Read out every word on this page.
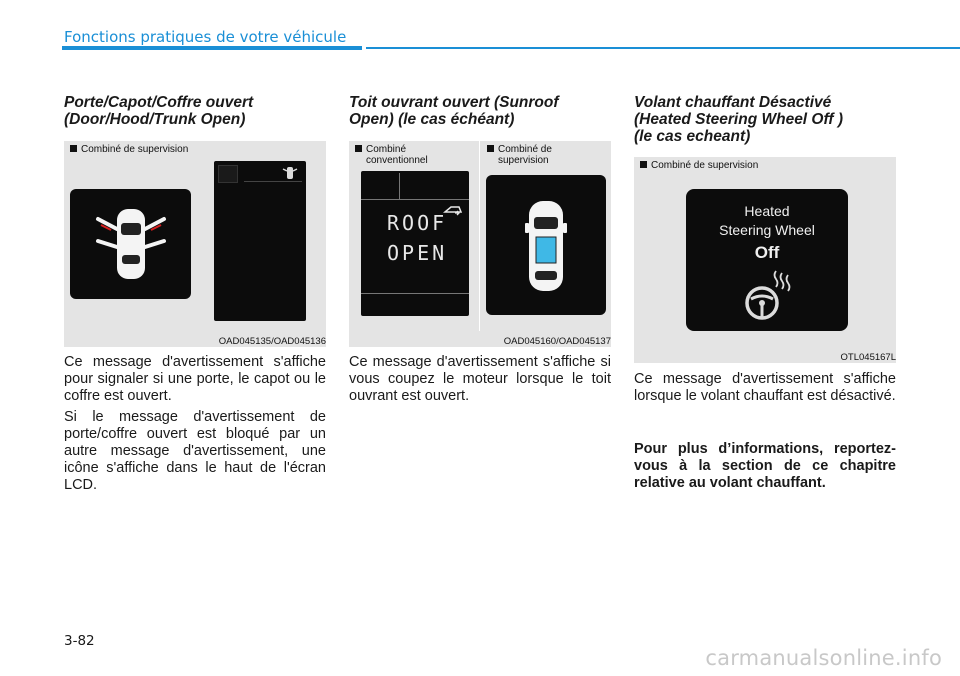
Fonctions pratiques de votre véhicule
Porte/Capot/Coffre ouvert
(Door/Hood/Trunk Open)
Combiné de supervision
OAD045135/OAD045136

Ce message d'avertissement s'affiche pour signaler si une porte, le capot ou le coffre est ouvert.

Si le message d'avertissement de porte/coffre ouvert est bloqué par un autre message d'avertissement, une icône s'affiche dans le haut de l'écran LCD.

Toit ouvrant ouvert (Sunroof
Open) (le cas échéant)
Combiné
conventionnel
Combiné de
supervision
ROOF
OPEN
OAD045160/OAD045137

Ce message d'avertissement s'affiche si vous coupez le moteur lorsque le toit ouvrant est ouvert.

Volant chauffant Désactivé
(Heated Steering Wheel Off )
(le cas echeant)
Combiné de supervision
Heated
Steering Wheel
Off
OTL045167L

Ce message d'avertissement s'affiche lorsque le volant chauffant est désactivé.

Pour plus d’informations, reportez-vous à la section de ce chapitre relative au volant chauffant.

3-82
carmanualsonline.info
